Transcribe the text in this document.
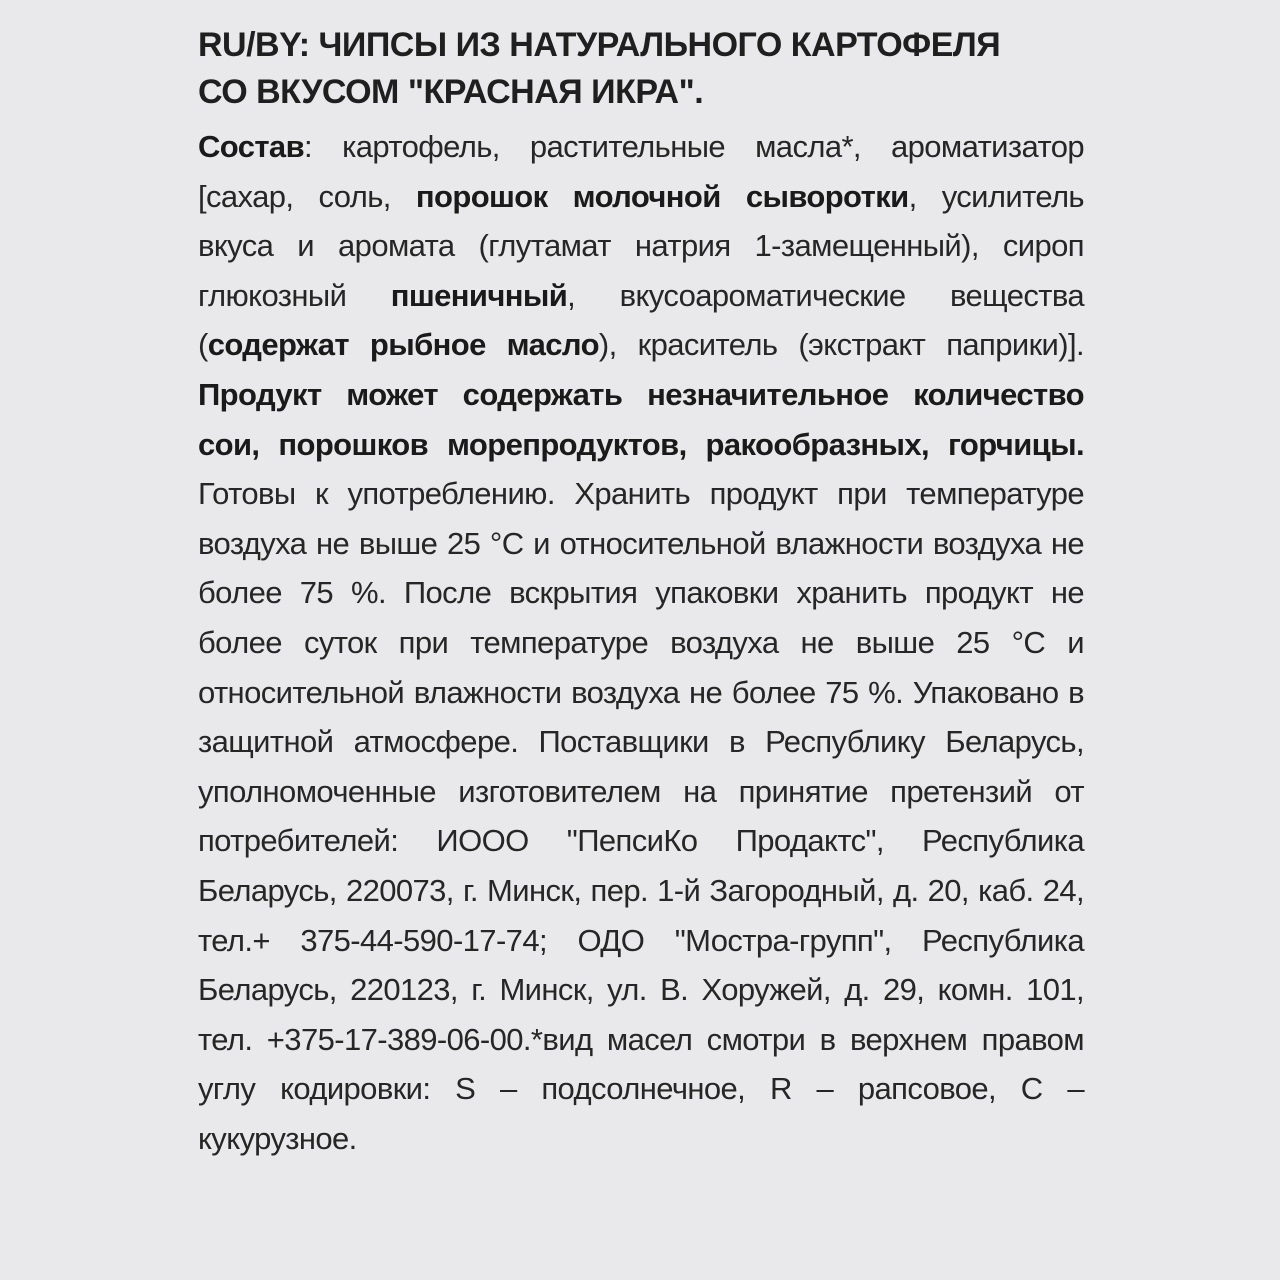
RU/BY: ЧИПСЫ ИЗ НАТУРАЛЬНОГО КАРТОФЕЛЯ
СО ВКУСОМ "КРАСНАЯ ИКРА".

Состав: картофель, растительные масла*, ароматизатор [сахар, соль, порошок молочной сыворотки, усилитель вкуса и аромата (глутамат натрия 1-замещенный), сироп глюкозный пшеничный, вкусоароматические вещества (содержат рыбное масло), краситель (экстракт паприки)]. Продукт может содержать незначительное количество сои, порошков морепродуктов, ракообразных, горчицы. Готовы к употреблению. Хранить продукт при температуре воздуха не выше 25 °С и относительной влажности воздуха не более 75 %. После вскрытия упаковки хранить продукт не более суток при температуре воздуха не выше 25 °С и относительной влажности воздуха не более 75 %. Упаковано в защитной атмосфере. Поставщики в Республику Беларусь, уполномоченные изготовителем на принятие претензий от потребителей: ИООО "ПепсиКо Продактс", Республика Беларусь, 220073, г. Минск, пер. 1-й Загородный, д. 20, каб. 24, тел.+ 375-44-590-17-74; ОДО "Мостра-групп", Республика Беларусь, 220123, г. Минск, ул. В. Хоружей, д. 29, комн. 101, тел. +375-17-389-06-00.*вид масел смотри в верхнем правом углу кодировки: S – подсолнечное, R – рапсовое, С – кукурузное.
